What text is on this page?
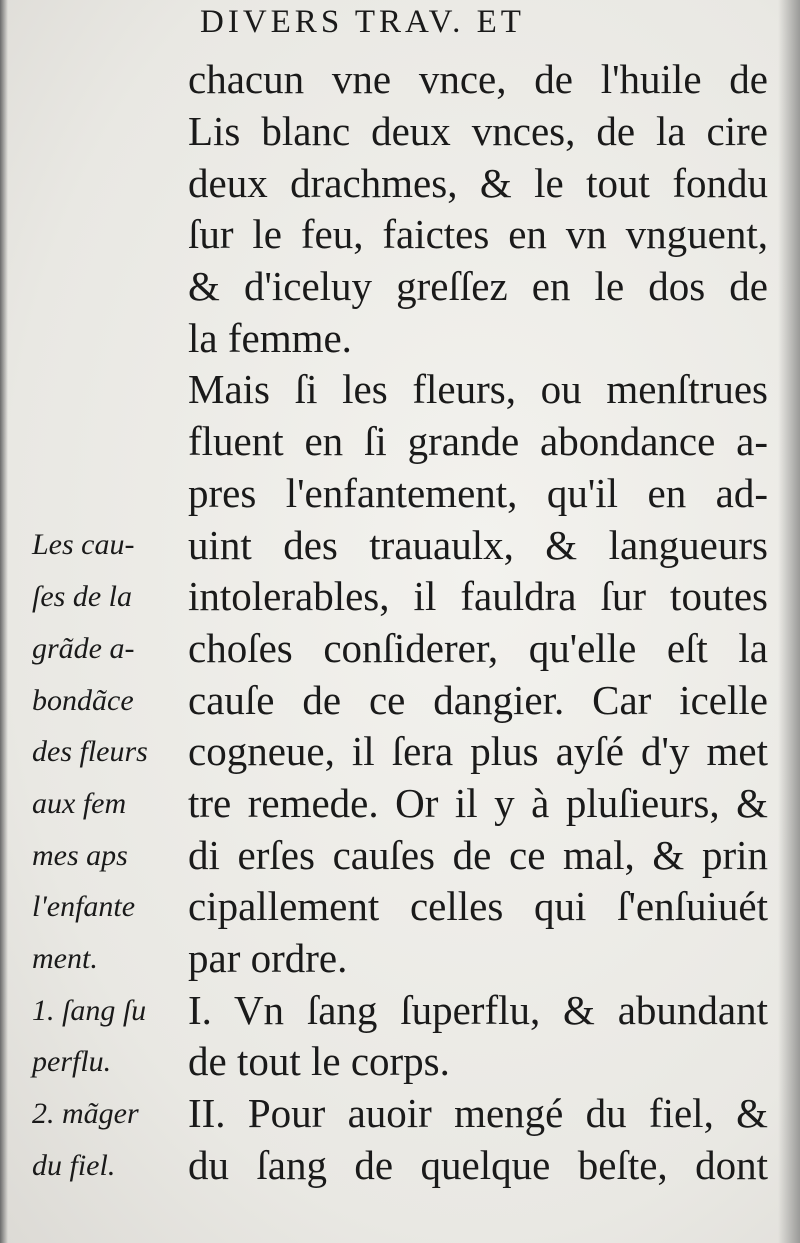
DIVERS TRAV. ET
chacun vne vnce, de l'huile de
Lis blanc deux vnces, de la cire
deux drachmes, & le tout fondu
ſur le feu, faictes en vn vnguent,
& d'iceluy greſſez en le dos de
la femme.
Mais ſi les fleurs, ou menſtrues
fluent en ſi grande abondance a-
pres l'enfantement, qu'il en ad-
uint des trauaulx, & langueurs
intolerables, il fauldra ſur toutes
choſes conſiderer, qu'elle eſt la
cauſe de ce dangier. Car icelle
cogneue, il ſera plus ayſé d'y met
tre remede. Or il y à pluſieurs, &
di erſes cauſes de ce mal, & prin
cipallement celles qui ſ'enſuiuét
par ordre.
I. Vn ſang ſuperflu, & abundant
de tout le corps.
II. Pour auoir mengé du fiel, &
du ſang de quelque beſte, dont
Les cau-
ſes de la
grãde a-
bondãce
des fleurs
aux fem
mes aps
l'enfante
ment.
1. ſang ſu
perflu.
2. mãger
du fiel.
